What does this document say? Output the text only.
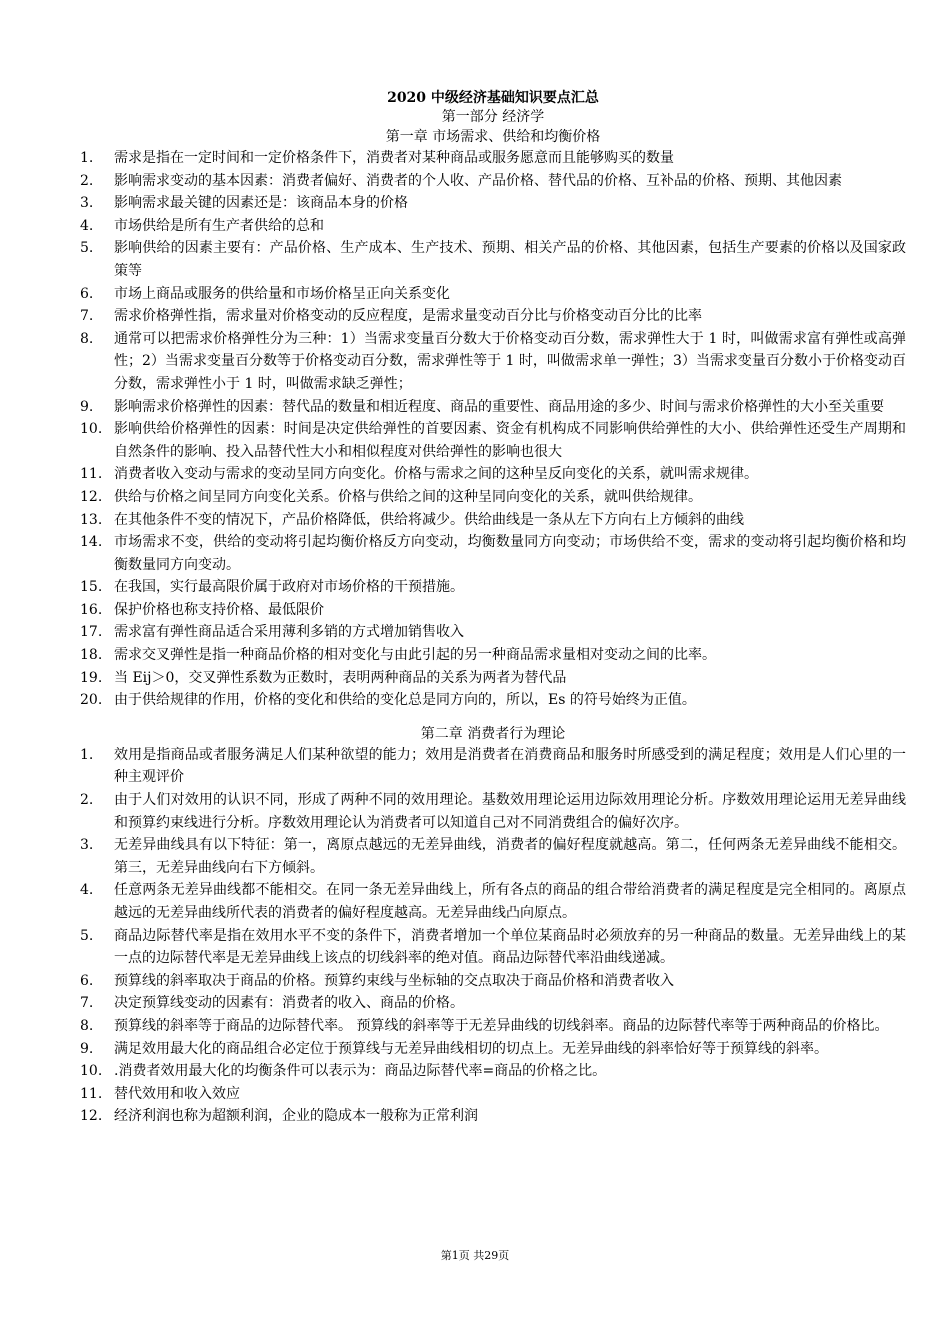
2020 中级经济基础知识要点汇总

第一部分 经济学

第一章 市场需求、供给和均衡价格

1.	需求是指在一定时间和一定价格条件下，消费者对某种商品或服务愿意而且能够购买的数量
2.	影响需求变动的基本因素：消费者偏好、消费者的个人收、产品价格、替代品的价格、互补品的价格、预期、其他因素
3.	影响需求最关键的因素还是：该商品本身的价格
4.	市场供给是所有生产者供给的总和
5.	影响供给的因素主要有：产品价格、生产成本、生产技术、预期、相关产品的价格、其他因素，包括生产要素的价格以及国家政策等
6.	市场上商品或服务的供给量和市场价格呈正向关系变化
7.	需求价格弹性指，需求量对价格变动的反应程度，是需求量变动百分比与价格变动百分比的比率
8.	通常可以把需求价格弹性分为三种：1）当需求变量百分数大于价格变动百分数，需求弹性大于 1 时，叫做需求富有弹性或高弹性；2）当需求变量百分数等于价格变动百分数，需求弹性等于 1 时，叫做需求单一弹性；3）当需求变量百分数小于价格变动百分数，需求弹性小于 1 时，叫做需求缺乏弹性；
9.	影响需求价格弹性的因素：替代品的数量和相近程度、商品的重要性、商品用途的多少、时间与需求价格弹性的大小至关重要
10. 影响供给价格弹性的因素：时间是决定供给弹性的首要因素、资金有机构成不同影响供给弹性的大小、供给弹性还受生产周期和自然条件的影响、投入品替代性大小和相似程度对供给弹性的影响也很大
11. 消费者收入变动与需求的变动呈同方向变化。价格与需求之间的这种呈反向变化的关系，就叫需求规律。
12. 供给与价格之间呈同方向变化关系。价格与供给之间的这种呈同向变化的关系，就叫供给规律。
13. 在其他条件不变的情况下，产品价格降低，供给将减少。供给曲线是一条从左下方向右上方倾斜的曲线
14. 市场需求不变，供给的变动将引起均衡价格反方向变动，均衡数量同方向变动；市场供给不变，需求的变动将引起均衡价格和均衡数量同方向变动。
15. 在我国，实行最高限价属于政府对市场价格的干预措施。
16. 保护价格也称支持价格、最低限价
17. 需求富有弹性商品适合采用薄利多销的方式增加销售收入
18. 需求交叉弹性是指一种商品价格的相对变化与由此引起的另一种商品需求量相对变动之间的比率。
19. 当 Eij＞0，交叉弹性系数为正数时，表明两种商品的关系为两者为替代品
20. 由于供给规律的作用，价格的变化和供给的变化总是同方向的，所以，Es 的符号始终为正值。

第二章 消费者行为理论

1.	效用是指商品或者服务满足人们某种欲望的能力；效用是消费者在消费商品和服务时所感受到的满足程度；效用是人们心里的一种主观评价
2.	由于人们对效用的认识不同，形成了两种不同的效用理论。基数效用理论运用边际效用理论分析。序数效用理论运用无差异曲线和预算约束线进行分析。序数效用理论认为消费者可以知道自己对不同消费组合的偏好次序。
3.	无差异曲线具有以下特征：第一，离原点越远的无差异曲线，消费者的偏好程度就越高。第二，任何两条无差异曲线不能相交。第三，无差异曲线向右下方倾斜。
4.	任意两条无差异曲线都不能相交。在同一条无差异曲线上，所有各点的商品的组合带给消费者的满足程度是完全相同的。离原点越远的无差异曲线所代表的消费者的偏好程度越高。无差异曲线凸向原点。
5.	商品边际替代率是指在效用水平不变的条件下，消费者增加一个单位某商品时必须放弃的另一种商品的数量。无差异曲线上的某一点的边际替代率是无差异曲线上该点的切线斜率的绝对值。商品边际替代率沿曲线递减。
6.	预算线的斜率取决于商品的价格。预算约束线与坐标轴的交点取决于商品价格和消费者收入
7.	决定预算线变动的因素有：消费者的收入、商品的价格。
8.	预算线的斜率等于商品的边际替代率。 预算线的斜率等于无差异曲线的切线斜率。商品的边际替代率等于两种商品的价格比。
9.	满足效用最大化的商品组合必定位于预算线与无差异曲线相切的切点上。无差异曲线的斜率恰好等于预算线的斜率。
10. .消费者效用最大化的均衡条件可以表示为：商品边际替代率=商品的价格之比。
11. 替代效用和收入效应
12. 经济利润也称为超额利润，企业的隐成本一般称为正常利润
第1页 共29页
